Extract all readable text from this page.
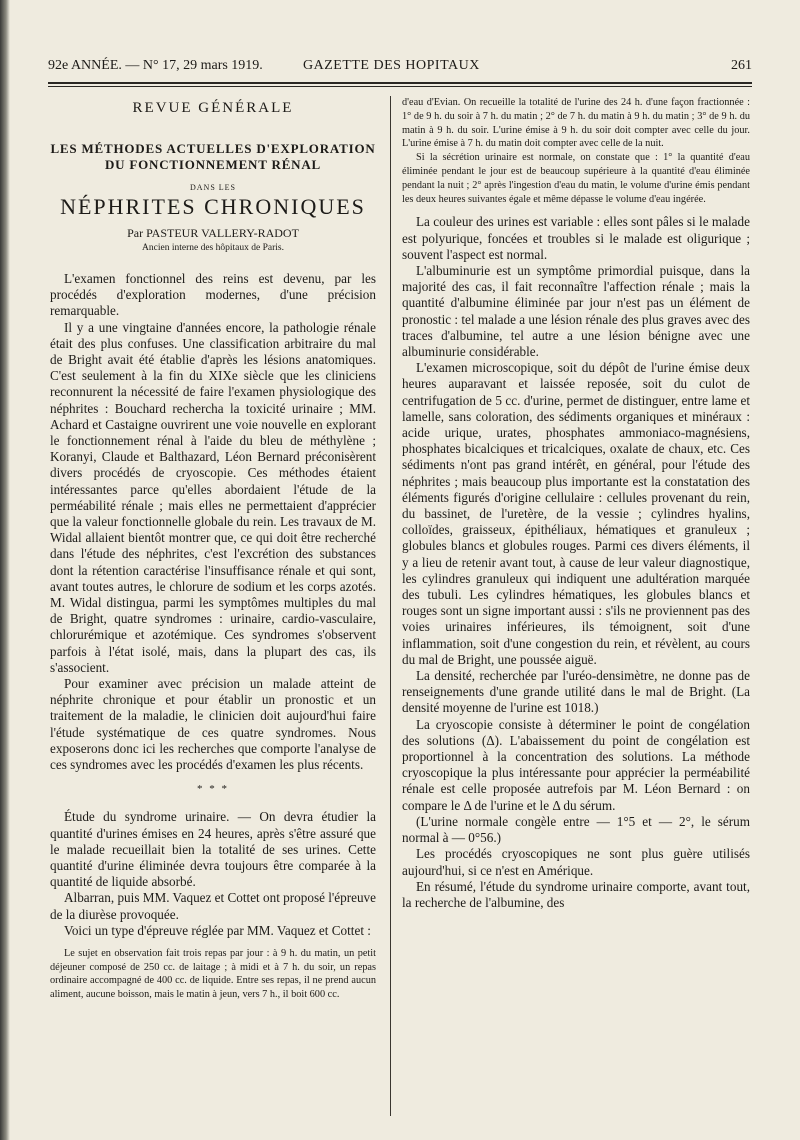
92e ANNÉE. — N° 17, 29 mars 1919.	GAZETTE DES HOPITAUX	261

REVUE GÉNÉRALE

LES MÉTHODES ACTUELLES D'EXPLORATION

DU FONCTIONNEMENT RÉNAL

DANS LES

NÉPHRITES CHRONIQUES

Par PASTEUR VALLERY-RADOT

Ancien interne des hôpitaux de Paris.

L'examen fonctionnel des reins est devenu, par les procédés d'exploration modernes, d'une précision remarquable.

Il y a une vingtaine d'années encore, la pathologie rénale était des plus confuses. Une classification arbitraire du mal de Bright avait été établie d'après les lésions anatomiques. C'est seulement à la fin du XIXe siècle que les cliniciens reconnurent la nécessité de faire l'examen physiologique des néphrites : Bouchard rechercha la toxicité urinaire ; MM. Achard et Castaigne ouvrirent une voie nouvelle en explorant le fonctionnement rénal à l'aide du bleu de méthylène ; Koranyi, Claude et Balthazard, Léon Bernard préconisèrent divers procédés de cryoscopie. Ces méthodes étaient intéressantes parce qu'elles abordaient l'étude de la perméabilité rénale ; mais elles ne permettaient d'apprécier que la valeur fonctionnelle globale du rein. Les travaux de M. Widal allaient bientôt montrer que, ce qui doit être recherché dans l'étude des néphrites, c'est l'excrétion des substances dont la rétention caractérise l'insuffisance rénale et qui sont, avant toutes autres, le chlorure de sodium et les corps azotés. M. Widal distingua, parmi les symptômes multiples du mal de Bright, quatre syndromes : urinaire, cardio-vasculaire, chlorurémique et azotémique. Ces syndromes s'observent parfois à l'état isolé, mais, dans la plupart des cas, ils s'associent.

Pour examiner avec précision un malade atteint de néphrite chronique et pour établir un pronostic et un traitement de la maladie, le clinicien doit aujourd'hui faire l'étude systématique de ces quatre syndromes. Nous exposerons donc ici les recherches que comporte l'analyse de ces syndromes avec les procédés d'examen les plus récents.

* * *

Étude du syndrome urinaire. — On devra étudier la quantité d'urines émises en 24 heures, après s'être assuré que le malade recueillait bien la totalité de ses urines. Cette quantité d'urine éliminée devra toujours être comparée à la quantité de liquide absorbé.

Albarran, puis MM. Vaquez et Cottet ont proposé l'épreuve de la diurèse provoquée.

Voici un type d'épreuve réglée par MM. Vaquez et Cottet :

Le sujet en observation fait trois repas par jour : à 9 h. du matin, un petit déjeuner composé de 250 cc. de laitage ; à midi et à 7 h. du soir, un repas ordinaire accompagné de 400 cc. de liquide. Entre ses repas, il ne prend aucun aliment, aucune boisson, mais le matin à jeun, vers 7 h., il boit 600 cc.

d'eau d'Evian. On recueille la totalité de l'urine des 24 h. d'une façon fractionnée : 1° de 9 h. du soir à 7 h. du matin ; 2° de 7 h. du matin à 9 h. du matin ; 3° de 9 h. du matin à 9 h. du soir. L'urine émise à 9 h. du soir doit compter avec celle du jour. L'urine émise à 7 h. du matin doit compter avec celle de la nuit.

Si la sécrétion urinaire est normale, on constate que : 1° la quantité d'eau éliminée pendant le jour est de beaucoup supérieure à la quantité d'eau éliminée pendant la nuit ; 2° après l'ingestion d'eau du matin, le volume d'urine émis pendant les deux heures suivantes égale et même dépasse le volume d'eau ingérée.

La couleur des urines est variable : elles sont pâles si le malade est polyurique, foncées et troubles si le malade est oligurique ; souvent l'aspect est normal.

L'albuminurie est un symptôme primordial puisque, dans la majorité des cas, il fait reconnaître l'affection rénale ; mais la quantité d'albumine éliminée par jour n'est pas un élément de pronostic : tel malade a une lésion rénale des plus graves avec des traces d'albumine, tel autre a une lésion bénigne avec une albuminurie considérable.

L'examen microscopique, soit du dépôt de l'urine émise deux heures auparavant et laissée reposée, soit du culot de centrifugation de 5 cc. d'urine, permet de distinguer, entre lame et lamelle, sans coloration, des sédiments organiques et minéraux : acide urique, urates, phosphates ammoniaco-magnésiens, phosphates bicalciques et tricalciques, oxalate de chaux, etc. Ces sédiments n'ont pas grand intérêt, en général, pour l'étude des néphrites ; mais beaucoup plus importante est la constatation des éléments figurés d'origine cellulaire : cellules provenant du rein, du bassinet, de l'uretère, de la vessie ; cylindres hyalins, colloïdes, graisseux, épithéliaux, hématiques et granuleux ; globules blancs et globules rouges. Parmi ces divers éléments, il y a lieu de retenir avant tout, à cause de leur valeur diagnostique, les cylindres granuleux qui indiquent une adultération marquée des tubuli. Les cylindres hématiques, les globules blancs et rouges sont un signe important aussi : s'ils ne proviennent pas des voies urinaires inférieures, ils témoignent, soit d'une inflammation, soit d'une congestion du rein, et révèlent, au cours du mal de Bright, une poussée aiguë.

La densité, recherchée par l'uréo-densimètre, ne donne pas de renseignements d'une grande utilité dans le mal de Bright. (La densité moyenne de l'urine est 1018.)

La cryoscopie consiste à déterminer le point de congélation des solutions (Δ). L'abaissement du point de congélation est proportionnel à la concentration des solutions. La méthode cryoscopique la plus intéressante pour apprécier la perméabilité rénale est celle proposée autrefois par M. Léon Bernard : on compare le Δ de l'urine et le Δ du sérum.

(L'urine normale congèle entre — 1°5 et — 2°, le sérum normal à — 0°56.)

Les procédés cryoscopiques ne sont plus guère utilisés aujourd'hui, si ce n'est en Amérique.

En résumé, l'étude du syndrome urinaire comporte, avant tout, la recherche de l'albumine, des
